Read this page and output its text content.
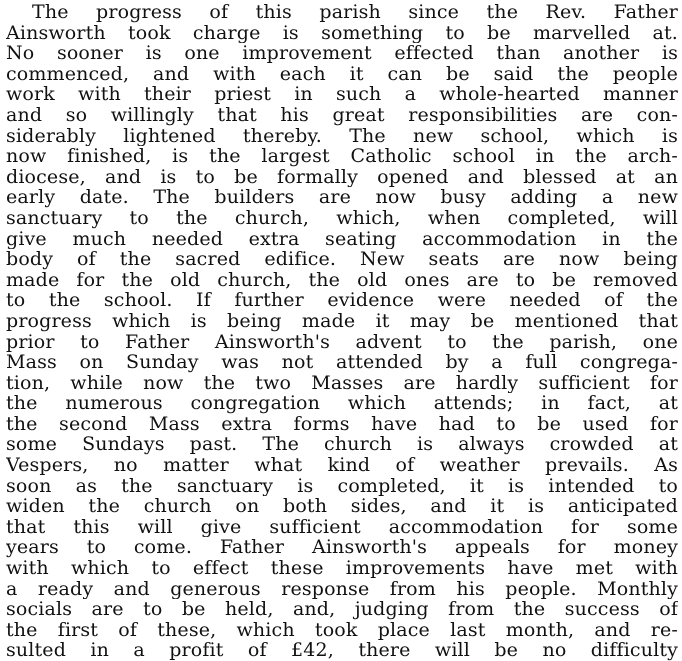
The progress of this parish since the Rev. Father
Ainsworth took charge is something to be marvelled at.
No sooner is one improvement effected than another is
commenced, and with each it can be said the people
work with their priest in such a whole-hearted manner
and so willingly that his great responsibilities are con-
siderably lightened thereby. The new school, which is
now finished, is the largest Catholic school in the arch-
diocese, and is to be formally opened and blessed at an
early date. The builders are now busy adding a new
sanctuary to the church, which, when completed, will
give much needed extra seating accommodation in the
body of the sacred edifice. New seats are now being
made for the old church, the old ones are to be removed
to the school. If further evidence were needed of the
progress which is being made it may be mentioned that
prior to Father Ainsworth's advent to the parish, one
Mass on Sunday was not attended by a full congrega-
tion, while now the two Masses are hardly sufficient for
the numerous congregation which attends; in fact, at
the second Mass extra forms have had to be used for
some Sundays past. The church is always crowded at
Vespers, no matter what kind of weather prevails. As
soon as the sanctuary is completed, it is intended to
widen the church on both sides, and it is anticipated
that this will give sufficient accommodation for some
years to come. Father Ainsworth's appeals for money
with which to effect these improvements have met with
a ready and generous response from his people. Monthly
socials are to be held, and, judging from the success of
the first of these, which took place last month, and re-
sulted in a profit of £42, there will be no difficulty
